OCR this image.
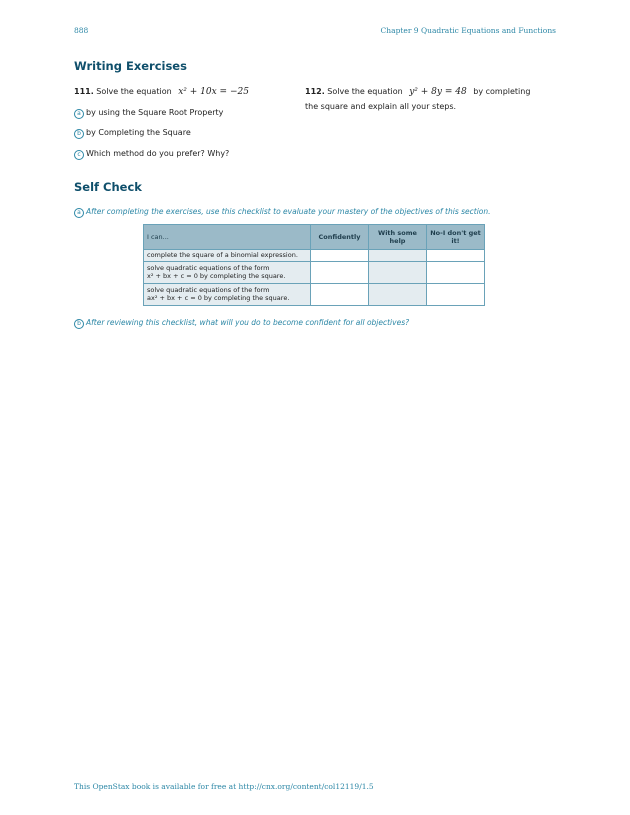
888	Chapter 9 Quadratic Equations and Functions
Writing Exercises
111. Solve the equation x² + 10x = −25
a by using the Square Root Property
b by Completing the Square
c Which method do you prefer? Why?
112. Solve the equation y² + 8y = 48 by completing
the square and explain all your steps.
Self Check
a After completing the exercises, use this checklist to evaluate your mastery of the objectives of this section.
I can...	Confidently	With some help	No-I don't get it!
complete the square of a binomial expression.			
solve quadratic equations of the form
x² + bx + c = 0 by completing the square.			
solve quadratic equations of the form
ax² + bx + c = 0 by completing the square.			
b After reviewing this checklist, what will you do to become confident for all objectives?
This OpenStax book is available for free at http://cnx.org/content/col12119/1.5
